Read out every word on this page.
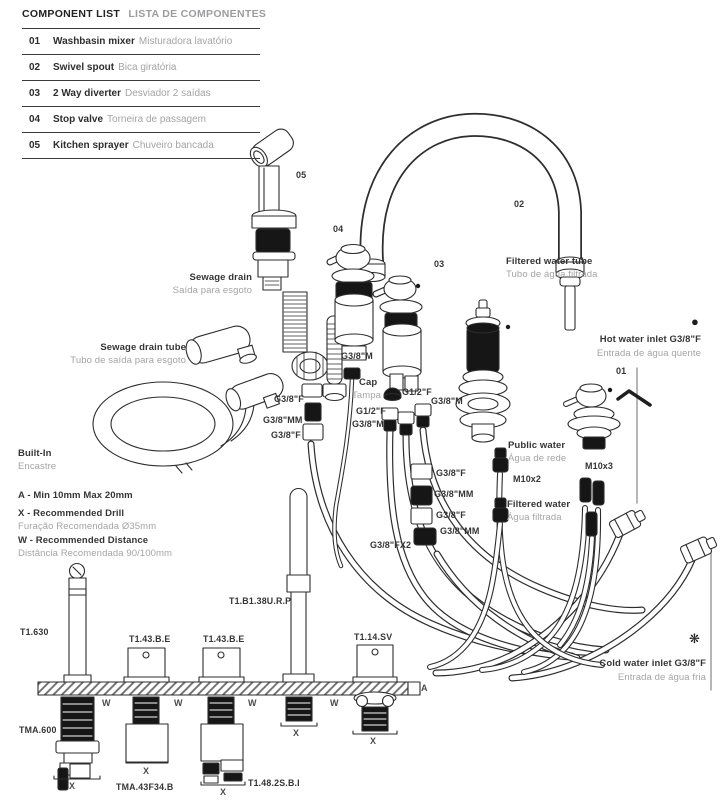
COMPONENT LIST LISTA DE COMPONENTES
01	Washbasin mixer Misturadora lavatório
02	Swivel spout Bica giratória
03	2 Way diverter Desviador 2 saídas
04	Stop valve Torneira de passagem
05	Kitchen sprayer Chuveiro bancada
05
04
03
02
01
Filtered water tube
Tubo de água filtrada
Sewage drain
Saída para esgoto
Sewage drain tube
Tubo de saída para esgoto
Hot water inlet G3/8"F
Entrada de água quente
Cold water inlet G3/8"F
Entrada de água fria
Public water
Água de rede
Filtered water
Água filtrada
Cap
Tampa
Built-In
Encastre
A - Min 10mm Max 20mm
X - Recommended Drill
Furação Recomendada Ø35mm
W - Recommended Distance
Distância Recomendada 90/100mm
G3/8"M
G1/2"F
G3/8"M
G1/2"F
G3/8"M
G3/8"F
G3/8"MM
G3/8"F
G3/8"F
G3/8"MM
G3/8"F
G3/8"MM
G3/8"FX2
M10x2
M10x3
T1.630
T1.43.B.E	T1.43.B.E	T1.14.SV
T1.B1.38U.R.P
TMA.600
TMA.43F34.B	T1.48.2S.B.I
A
W	W	W	W
X
X
X
X
X
●
❋
